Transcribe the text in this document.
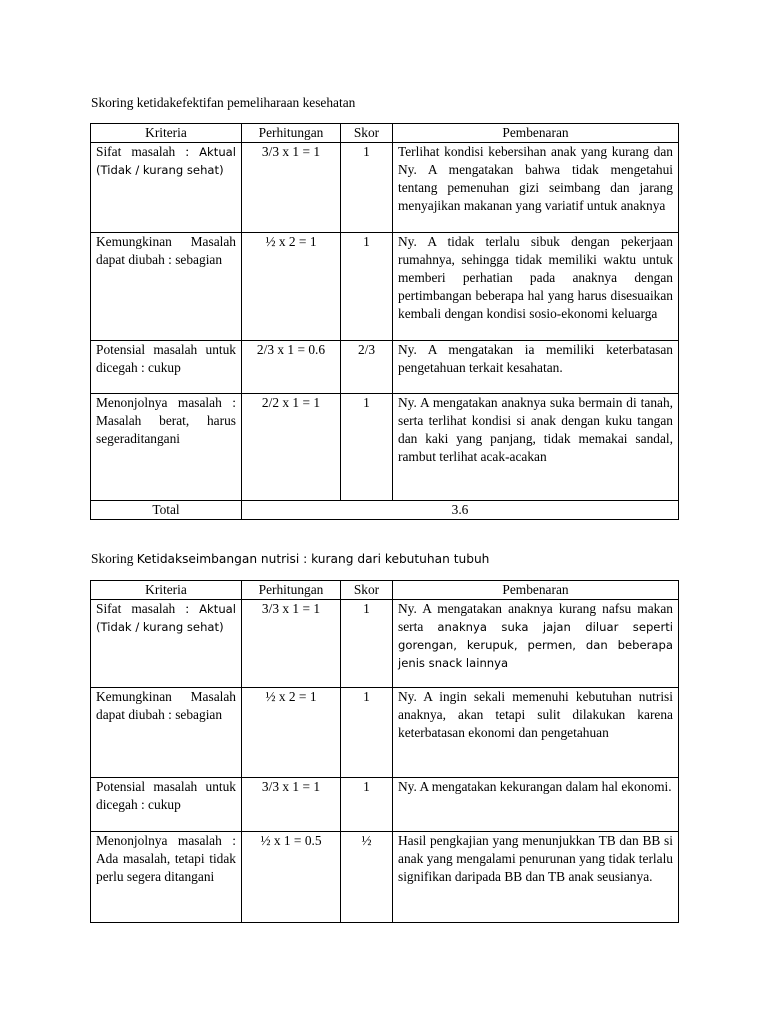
Skoring ketidakefektifan pemeliharaan kesehatan
Kriteria	Perhitungan	Skor	Pembenaran
Sifat masalah : Aktual (Tidak / kurang sehat)	3/3 x 1 = 1	1	Terlihat kondisi kebersihan anak yang kurang dan Ny. A mengatakan bahwa tidak mengetahui tentang pemenuhan gizi seimbang dan jarang menyajikan makanan yang variatif untuk anaknya
Kemungkinan Masalah dapat diubah : sebagian	½ x 2 = 1	1	Ny. A tidak terlalu sibuk dengan pekerjaan rumahnya, sehingga tidak memiliki waktu untuk memberi perhatian pada anaknya dengan pertimbangan beberapa hal yang harus disesuaikan kembali dengan kondisi sosio-ekonomi keluarga
Potensial masalah untuk dicegah : cukup	2/3 x 1 = 0.6	2/3	Ny. A mengatakan ia memiliki keterbatasan pengetahuan terkait kesahatan.
Menonjolnya masalah : Masalah berat, harus segeraditangani	2/2 x 1 = 1	1	Ny. A mengatakan anaknya suka bermain di tanah, serta terlihat kondisi si anak dengan kuku tangan dan kaki yang panjang, tidak memakai sandal, rambut terlihat acak-acakan
Total	3.6		
Skoring Ketidakseimbangan nutrisi : kurang dari kebutuhan tubuh
Kriteria	Perhitungan	Skor	Pembenaran
Sifat masalah : Aktual (Tidak / kurang sehat)	3/3 x 1 = 1	1	Ny. A mengatakan anaknya kurang nafsu makan serta anaknya suka jajan diluar seperti gorengan, kerupuk, permen, dan beberapa jenis snack lainnya
Kemungkinan Masalah dapat diubah : sebagian	½ x 2 = 1	1	Ny. A ingin sekali memenuhi kebutuhan nutrisi anaknya, akan tetapi sulit dilakukan karena keterbatasan ekonomi dan pengetahuan
Potensial masalah untuk dicegah : cukup	3/3 x 1 = 1	1	Ny. A mengatakan kekurangan dalam hal ekonomi.
Menonjolnya masalah : Ada masalah, tetapi tidak perlu segera ditangani	½ x 1 = 0.5	½	Hasil pengkajian yang menunjukkan TB dan BB si anak yang mengalami penurunan yang tidak terlalu signifikan daripada BB dan TB anak seusianya.
